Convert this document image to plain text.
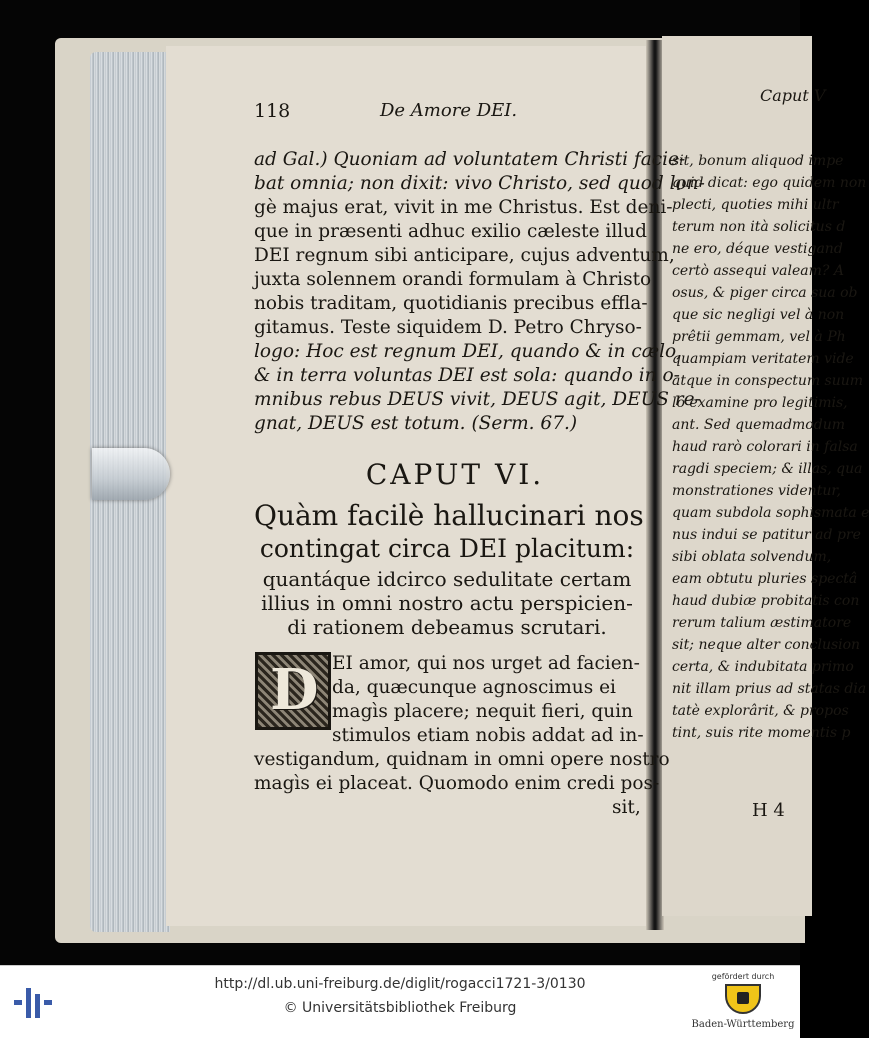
118	De Amore DEI.
ad Gal.) Quoniam ad voluntatem Christi facie-
bat omnia; non dixit: vivo Christo, sed quod lon-
gè majus erat, vivit in me Christus. Est deni-
que in præsenti adhuc exilio cæleste illud
DEI regnum sibi anticipare, cujus adventum,
juxta solennem orandi formulam à Christo
nobis traditam, quotidianis precibus effla-
gitamus. Teste siquidem D. Petro Chryso-
logo: Hoc est regnum DEI, quando & in cælo,
& in terra voluntas DEI est sola: quando in o-
mnibus rebus DEUS vivit, DEUS agit, DEUS re-
gnat, DEUS est totum. (Serm. 67.)
CAPUT VI.
Quàm facilè hallucinari nos
contingat circa DEI placitum:
quantáque idcirco sedulitate certam
illius in omni nostro actu perspicien-
di rationem debeamus scrutari.
D EI amor, qui nos urget ad facien-
da, quæcunque agnoscimus ei
magìs placere; nequit fieri, quin
stimulos etiam nobis addat ad in-
vestigandum, quidnam in omni opere nostro
magìs ei placeat. Quomodo enim credi pos-
sit,
Caput V
sit, bonum aliquod impe
quid dicat: ego quidem non
plecti, quoties mihi ultr
terum non ità solicitus d
ne ero, déque vestigand
certò assequi valeam? A
osus, & piger circa sua ob
que sic negligi vel à non
prêtii gemmam, vel à Ph
quampiam veritatem vide
atque in conspectum suum
lo examine pro legitimis,
ant. Sed quemadmodum
haud rarò colorari in falsa
ragdi speciem; & illas, qua
monstrationes videntur,
quam subdola sophismata e
nus indui se patitur ad pre
sibi oblata solvendum,
eam obtutu pluries spectâ
haud dubiæ probitatis con
rerum talium æstimatore
sit; neque alter conclusion
certa, & indubitata primo
nit illam prius ad statas dia
tatè explorârit, & propos
tint, suis rite momentis p
H 4
http://dl.ub.uni-freiburg.de/diglit/rogacci1721-3/0130
© Universitätsbibliothek Freiburg
gefördert durch
Baden-Württemberg
